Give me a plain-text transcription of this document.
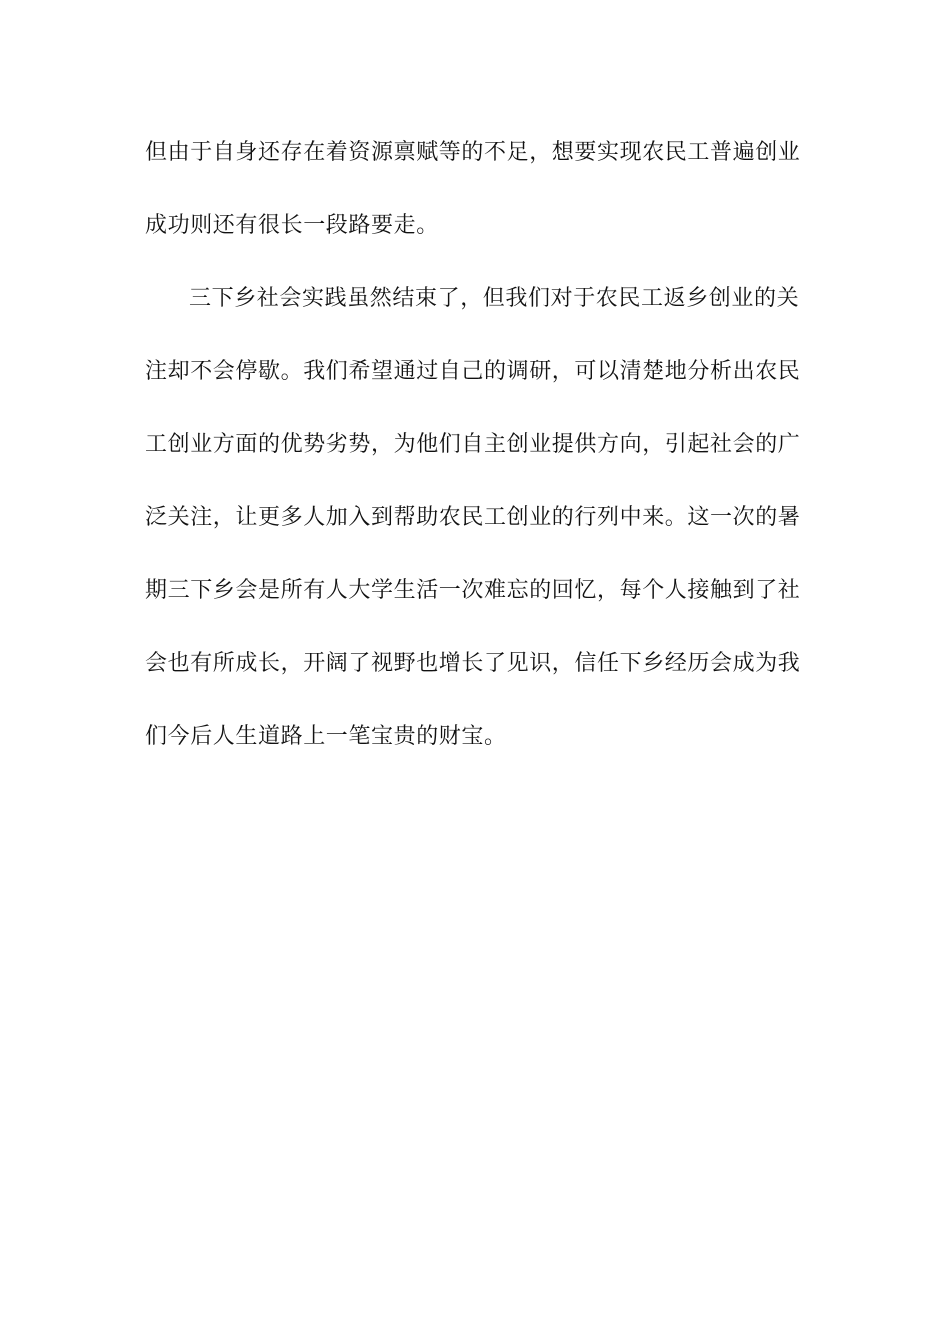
但由于自身还存在着资源禀赋等的不足，想要实现农民工普遍创业
成功则还有很长一段路要走。
三下乡社会实践虽然结束了，但我们对于农民工返乡创业的关
注却不会停歇。我们希望通过自己的调研，可以清楚地分析出农民
工创业方面的优势劣势，为他们自主创业提供方向，引起社会的广
泛关注，让更多人加入到帮助农民工创业的行列中来。这一次的暑
期三下乡会是所有人大学生活一次难忘的回忆，每个人接触到了社
会也有所成长，开阔了视野也增长了见识，信任下乡经历会成为我
们今后人生道路上一笔宝贵的财宝。
